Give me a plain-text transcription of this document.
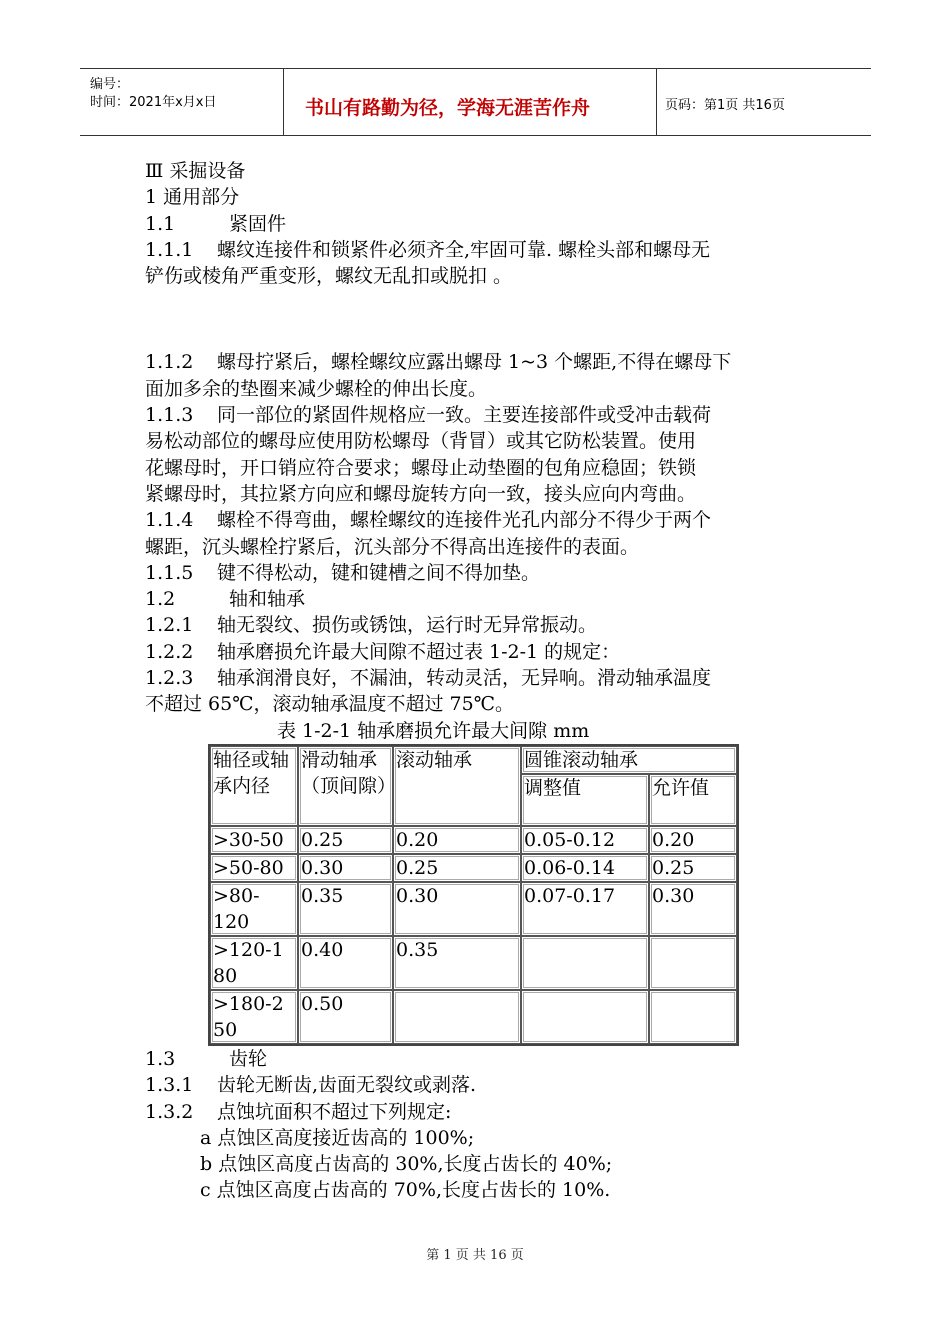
编号：
时间：2021年x月x日	书山有路勤为径，学海无涯苦作舟	页码：第1页 共16页

Ⅲ 采掘设备

1 通用部分

1.1	紧固件

1.1.1 螺纹连接件和锁紧件必须齐全,牢固可靠. 螺栓头部和螺母无

铲伤或棱角严重变形，螺纹无乱扣或脱扣 。

1.1.2 螺母拧紧后，螺栓螺纹应露出螺母 1~3 个螺距,不得在螺母下

面加多余的垫圈来减少螺栓的伸出长度。

1.1.3 同一部位的紧固件规格应一致。主要连接部件或受冲击载荷

易松动部位的螺母应使用防松螺母（背冒）或其它防松装置。使用

花螺母时，开口销应符合要求；螺母止动垫圈的包角应稳固；铁锁

紧螺母时，其拉紧方向应和螺母旋转方向一致，接头应向内弯曲。

1.1.4 螺栓不得弯曲，螺栓螺纹的连接件光孔内部分不得少于两个

螺距，沉头螺栓拧紧后，沉头部分不得高出连接件的表面。

1.1.5 键不得松动，键和键槽之间不得加垫。

1.2	轴和轴承

1.2.1 轴无裂纹、损伤或锈蚀，运行时无异常振动。

1.2.2 轴承磨损允许最大间隙不超过表 1-2-1 的规定：

1.2.3 轴承润滑良好，不漏油，转动灵活，无异响。滑动轴承温度

不超过 65℃，滚动轴承温度不超过 75℃。

表 1-2-1 轴承磨损允许最大间隙 mm

轴径或轴承内径	滑动轴承（顶间隙）	滚动轴承	圆锥滚动轴承	
			调整值	允许值
>30-50	0.25	0.20	0.05-0.12	0.20
>50-80	0.30	0.25	0.06-0.14	0.25
>80-120	0.35	0.30	0.07-0.17	0.30

>120-180	0.40	0.35		

>180-250	0.50			

1.3	齿轮

1.3.1 齿轮无断齿,齿面无裂纹或剥落.

1.3.2 点蚀坑面积不超过下列规定:

a 点蚀区高度接近齿高的 100%;

b 点蚀区高度占齿高的 30%,长度占齿长的 40%;

c 点蚀区高度占齿高的 70%,长度占齿长的 10%.

第 1 页 共 16 页
